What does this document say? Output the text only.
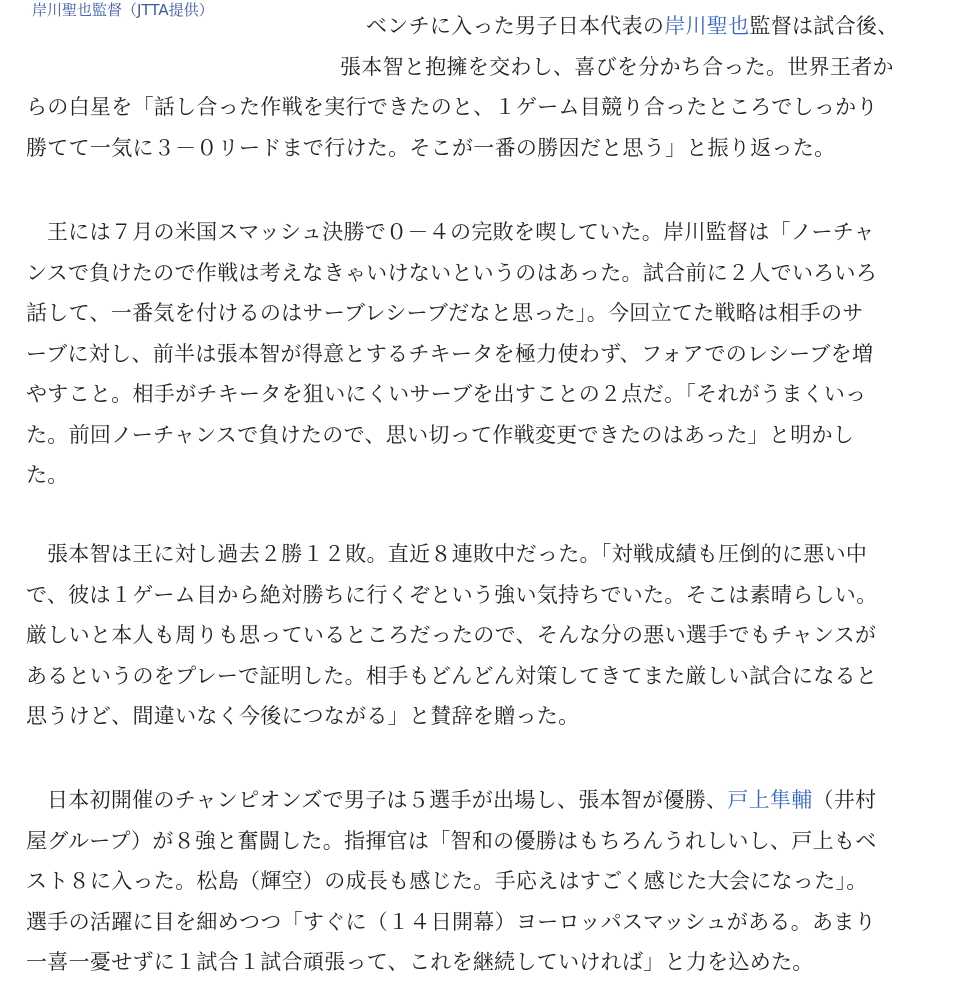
岸川聖也監督（JTTA提供）
ベンチに入った男子日本代表の岸川聖也監督は試合後、
張本智と抱擁を交わし、喜びを分かち合った。世界王者か
らの白星を「話し合った作戦を実行できたのと、１ゲーム目競り合ったところでしっかり
勝てて一気に３－０リードまで行けた。そこが一番の勝因だと思う」と振り返った。
王には７月の米国スマッシュ決勝で０－４の完敗を喫していた。岸川監督は「ノーチャ
ンスで負けたので作戦は考えなきゃいけないというのはあった。試合前に２人でいろいろ
話して、一番気を付けるのはサーブレシーブだなと思った」。今回立てた戦略は相手のサ
ーブに対し、前半は張本智が得意とするチキータを極力使わず、フォアでのレシーブを増
やすこと。相手がチキータを狙いにくいサーブを出すことの２点だ。「それがうまくいっ
た。前回ノーチャンスで負けたので、思い切って作戦変更できたのはあった」と明かし
た。
張本智は王に対し過去２勝１２敗。直近８連敗中だった。「対戦成績も圧倒的に悪い中
で、彼は１ゲーム目から絶対勝ちに行くぞという強い気持ちでいた。そこは素晴らしい。
厳しいと本人も周りも思っているところだったので、そんな分の悪い選手でもチャンスが
あるというのをプレーで証明した。相手もどんどん対策してきてまた厳しい試合になると
思うけど、間違いなく今後につながる」と賛辞を贈った。
日本初開催のチャンピオンズで男子は５選手が出場し、張本智が優勝、戸上隼輔（井村
屋グループ）が８強と奮闘した。指揮官は「智和の優勝はもちろんうれしいし、戸上もベ
スト８に入った。松島（輝空）の成長も感じた。手応えはすごく感じた大会になった」。
選手の活躍に目を細めつつ「すぐに（１４日開幕）ヨーロッパスマッシュがある。あまり
一喜一憂せずに１試合１試合頑張って、これを継続していければ」と力を込めた。
